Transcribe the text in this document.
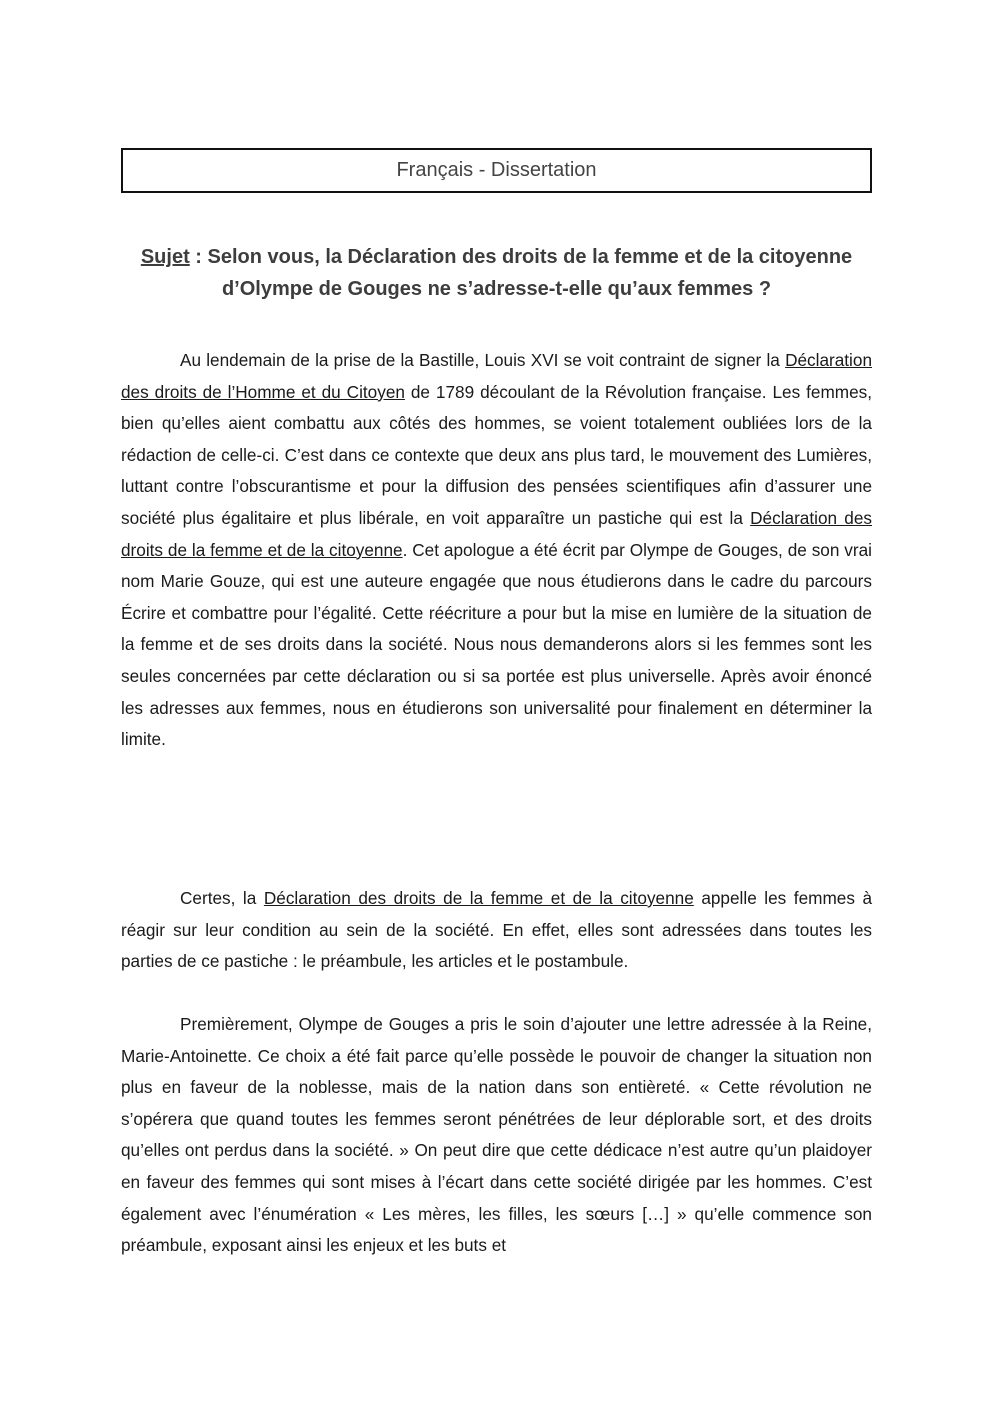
Français - Dissertation
Sujet : Selon vous, la Déclaration des droits de la femme et de la citoyenne d’Olympe de Gouges ne s’adresse-t-elle qu’aux femmes ?

Au lendemain de la prise de la Bastille, Louis XVI se voit contraint de signer la Déclaration des droits de l’Homme et du Citoyen de 1789 découlant de la Révolution française. Les femmes, bien qu’elles aient combattu aux côtés des hommes, se voient totalement oubliées lors de la rédaction de celle-ci. C’est dans ce contexte que deux ans plus tard, le mouvement des Lumières, luttant contre l’obscurantisme et pour la diffusion des pensées scientifiques afin d’assurer une société plus égalitaire et plus libérale, en voit apparaître un pastiche qui est la Déclaration des droits de la femme et de la citoyenne. Cet apologue a été écrit par Olympe de Gouges, de son vrai nom Marie Gouze, qui est une auteure engagée que nous étudierons dans le cadre du parcours Écrire et combattre pour l’égalité. Cette réécriture a pour but la mise en lumière de la situation de la femme et de ses droits dans la société. Nous nous demanderons alors si les femmes sont les seules concernées par cette déclaration ou si sa portée est plus universelle. Après avoir énoncé les adresses aux femmes, nous en étudierons son universalité pour finalement en déterminer la limite.

Certes, la Déclaration des droits de la femme et de la citoyenne appelle les femmes à réagir sur leur condition au sein de la société. En effet, elles sont adressées dans toutes les parties de ce pastiche : le préambule, les articles et le postambule.

Premièrement, Olympe de Gouges a pris le soin d’ajouter une lettre adressée à la Reine, Marie-Antoinette. Ce choix a été fait parce qu’elle possède le pouvoir de changer la situation non plus en faveur de la noblesse, mais de la nation dans son entièreté. « Cette révolution ne s’opérera que quand toutes les femmes seront pénétrées de leur déplorable sort, et des droits qu’elles ont perdus dans la société. » On peut dire que cette dédicace n’est autre qu’un plaidoyer en faveur des femmes qui sont mises à l’écart dans cette société dirigée par les hommes. C’est également avec l’énumération « Les mères, les filles, les sœurs […] » qu’elle commence son préambule, exposant ainsi les enjeux et les buts et
